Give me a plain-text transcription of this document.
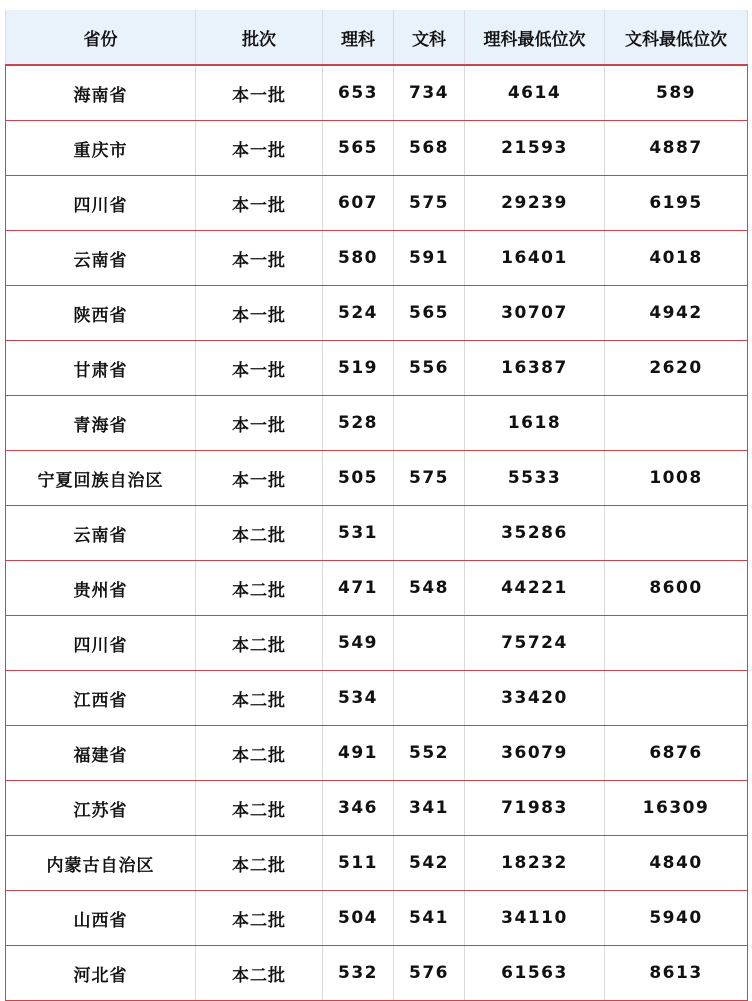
省份	批次	理科	文科	理科最低位次	文科最低位次
海南省	本一批	653	734	4614	589
重庆市	本一批	565	568	21593	4887
四川省	本一批	607	575	29239	6195
云南省	本一批	580	591	16401	4018
陕西省	本一批	524	565	30707	4942
甘肃省	本一批	519	556	16387	2620
青海省	本一批	528		1618	
宁夏回族自治区	本一批	505	575	5533	1008
云南省	本二批	531		35286	
贵州省	本二批	471	548	44221	8600
四川省	本二批	549		75724	
江西省	本二批	534		33420	
福建省	本二批	491	552	36079	6876
江苏省	本二批	346	341	71983	16309
内蒙古自治区	本二批	511	542	18232	4840
山西省	本二批	504	541	34110	5940
河北省	本二批	532	576	61563	8613
